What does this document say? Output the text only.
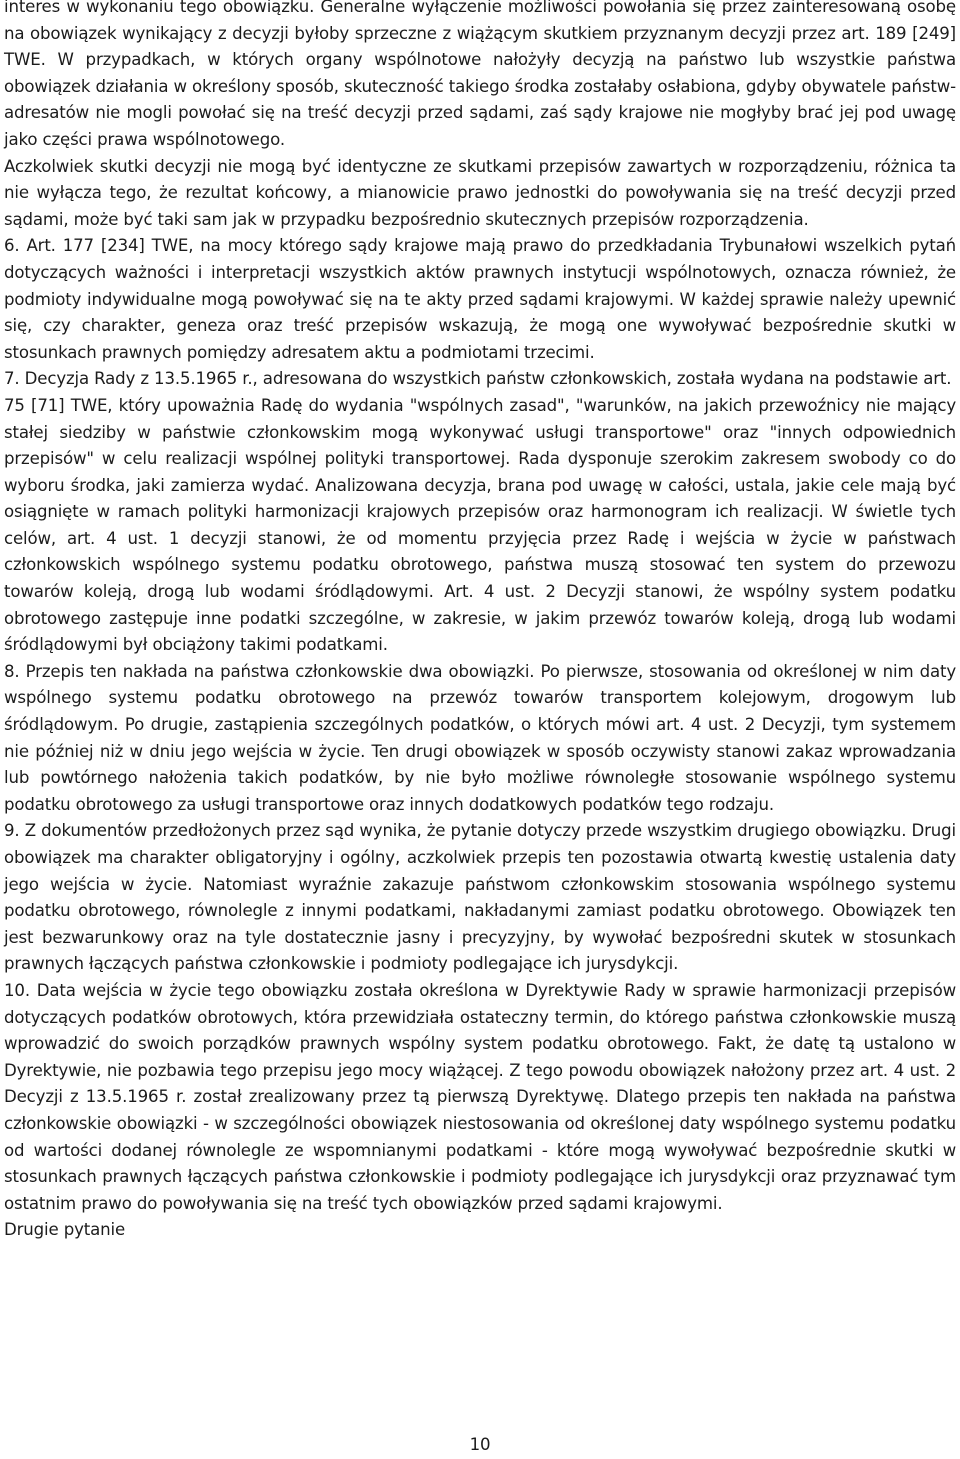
interes w wykonaniu tego obowiązku. Generalne wyłączenie możliwości powołania się przez zainteresowaną osobę na obowiązek wynikający z decyzji byłoby sprzeczne z wiążącym skutkiem przyznanym decyzji przez art. 189 [249] TWE. W przypadkach, w których organy wspólnotowe nałożyły decyzją na państwo lub wszystkie państwa obowiązek działania w określony sposób, skuteczność takiego środka zostałaby osłabiona, gdyby obywatele państw-adresatów nie mogli powołać się na treść decyzji przed sądami, zaś sądy krajowe nie mogłyby brać jej pod uwagę jako części prawa wspólnotowego.

Aczkolwiek skutki decyzji nie mogą być identyczne ze skutkami przepisów zawartych w rozporządzeniu, różnica ta nie wyłącza tego, że rezultat końcowy, a mianowicie prawo jednostki do powoływania się na treść decyzji przed sądami, może być taki sam jak w przypadku bezpośrednio skutecznych przepisów rozporządzenia.

6. Art. 177 [234] TWE, na mocy którego sądy krajowe mają prawo do przedkładania Trybunałowi wszelkich pytań dotyczących ważności i interpretacji wszystkich aktów prawnych instytucji wspólnotowych, oznacza również, że podmioty indywidualne mogą powoływać się na te akty przed sądami krajowymi. W każdej sprawie należy upewnić się, czy charakter, geneza oraz treść przepisów wskazują, że mogą one wywoływać bezpośrednie skutki w stosunkach prawnych pomiędzy adresatem aktu a podmiotami trzecimi.

7. Decyzja Rady z 13.5.1965 r., adresowana do wszystkich państw członkowskich, została wydana na podstawie art.

75 [71] TWE, który upoważnia Radę do wydania "wspólnych zasad", "warunków, na jakich przewoźnicy nie mający stałej siedziby w państwie członkowskim mogą wykonywać usługi transportowe" oraz "innych odpowiednich przepisów" w celu realizacji wspólnej polityki transportowej. Rada dysponuje szerokim zakresem swobody co do wyboru środka, jaki zamierza wydać. Analizowana decyzja, brana pod uwagę w całości, ustala, jakie cele mają być osiągnięte w ramach polityki harmonizacji krajowych przepisów oraz harmonogram ich realizacji. W świetle tych celów, art. 4 ust. 1 decyzji stanowi, że od momentu przyjęcia przez Radę i wejścia w życie w państwach członkowskich wspólnego systemu podatku obrotowego, państwa muszą stosować ten system do przewozu towarów koleją, drogą lub wodami śródlądowymi. Art. 4 ust. 2 Decyzji stanowi, że wspólny system podatku obrotowego zastępuje inne podatki szczególne, w zakresie, w jakim przewóz towarów koleją, drogą lub wodami śródlądowymi był obciążony takimi podatkami.

8. Przepis ten nakłada na państwa członkowskie dwa obowiązki. Po pierwsze, stosowania od określonej w nim daty wspólnego systemu podatku obrotowego na przewóz towarów transportem kolejowym, drogowym lub śródlądowym. Po drugie, zastąpienia szczególnych podatków, o których mówi art. 4 ust. 2 Decyzji, tym systemem nie później niż w dniu jego wejścia w życie. Ten drugi obowiązek w sposób oczywisty stanowi zakaz wprowadzania lub powtórnego nałożenia takich podatków, by nie było możliwe równoległe stosowanie wspólnego systemu podatku obrotowego za usługi transportowe oraz innych dodatkowych podatków tego rodzaju.

9. Z dokumentów przedłożonych przez sąd wynika, że pytanie dotyczy przede wszystkim drugiego obowiązku. Drugi obowiązek ma charakter obligatoryjny i ogólny, aczkolwiek przepis ten pozostawia otwartą kwestię ustalenia daty jego wejścia w życie. Natomiast wyraźnie zakazuje państwom członkowskim stosowania wspólnego systemu podatku obrotowego, równolegle z innymi podatkami, nakładanymi zamiast podatku obrotowego. Obowiązek ten jest bezwarunkowy oraz na tyle dostatecznie jasny i precyzyjny, by wywołać bezpośredni skutek w stosunkach prawnych łączących państwa członkowskie i podmioty podlegające ich jurysdykcji.

10. Data wejścia w życie tego obowiązku została określona w Dyrektywie Rady w sprawie harmonizacji przepisów dotyczących podatków obrotowych, która przewidziała ostateczny termin, do którego państwa członkowskie muszą wprowadzić do swoich porządków prawnych wspólny system podatku obrotowego. Fakt, że datę tą ustalono w Dyrektywie, nie pozbawia tego przepisu jego mocy wiążącej. Z tego powodu obowiązek nałożony przez art. 4 ust. 2 Decyzji z 13.5.1965 r. został zrealizowany przez tą pierwszą Dyrektywę. Dlatego przepis ten nakłada na państwa członkowskie obowiązki - w szczególności obowiązek niestosowania od określonej daty wspólnego systemu podatku od wartości dodanej równolegle ze wspomnianymi podatkami - które mogą wywoływać bezpośrednie skutki w stosunkach prawnych łączących państwa członkowskie i podmioty podlegające ich jurysdykcji oraz przyznawać tym ostatnim prawo do powoływania się na treść tych obowiązków przed sądami krajowymi.

Drugie pytanie

10
